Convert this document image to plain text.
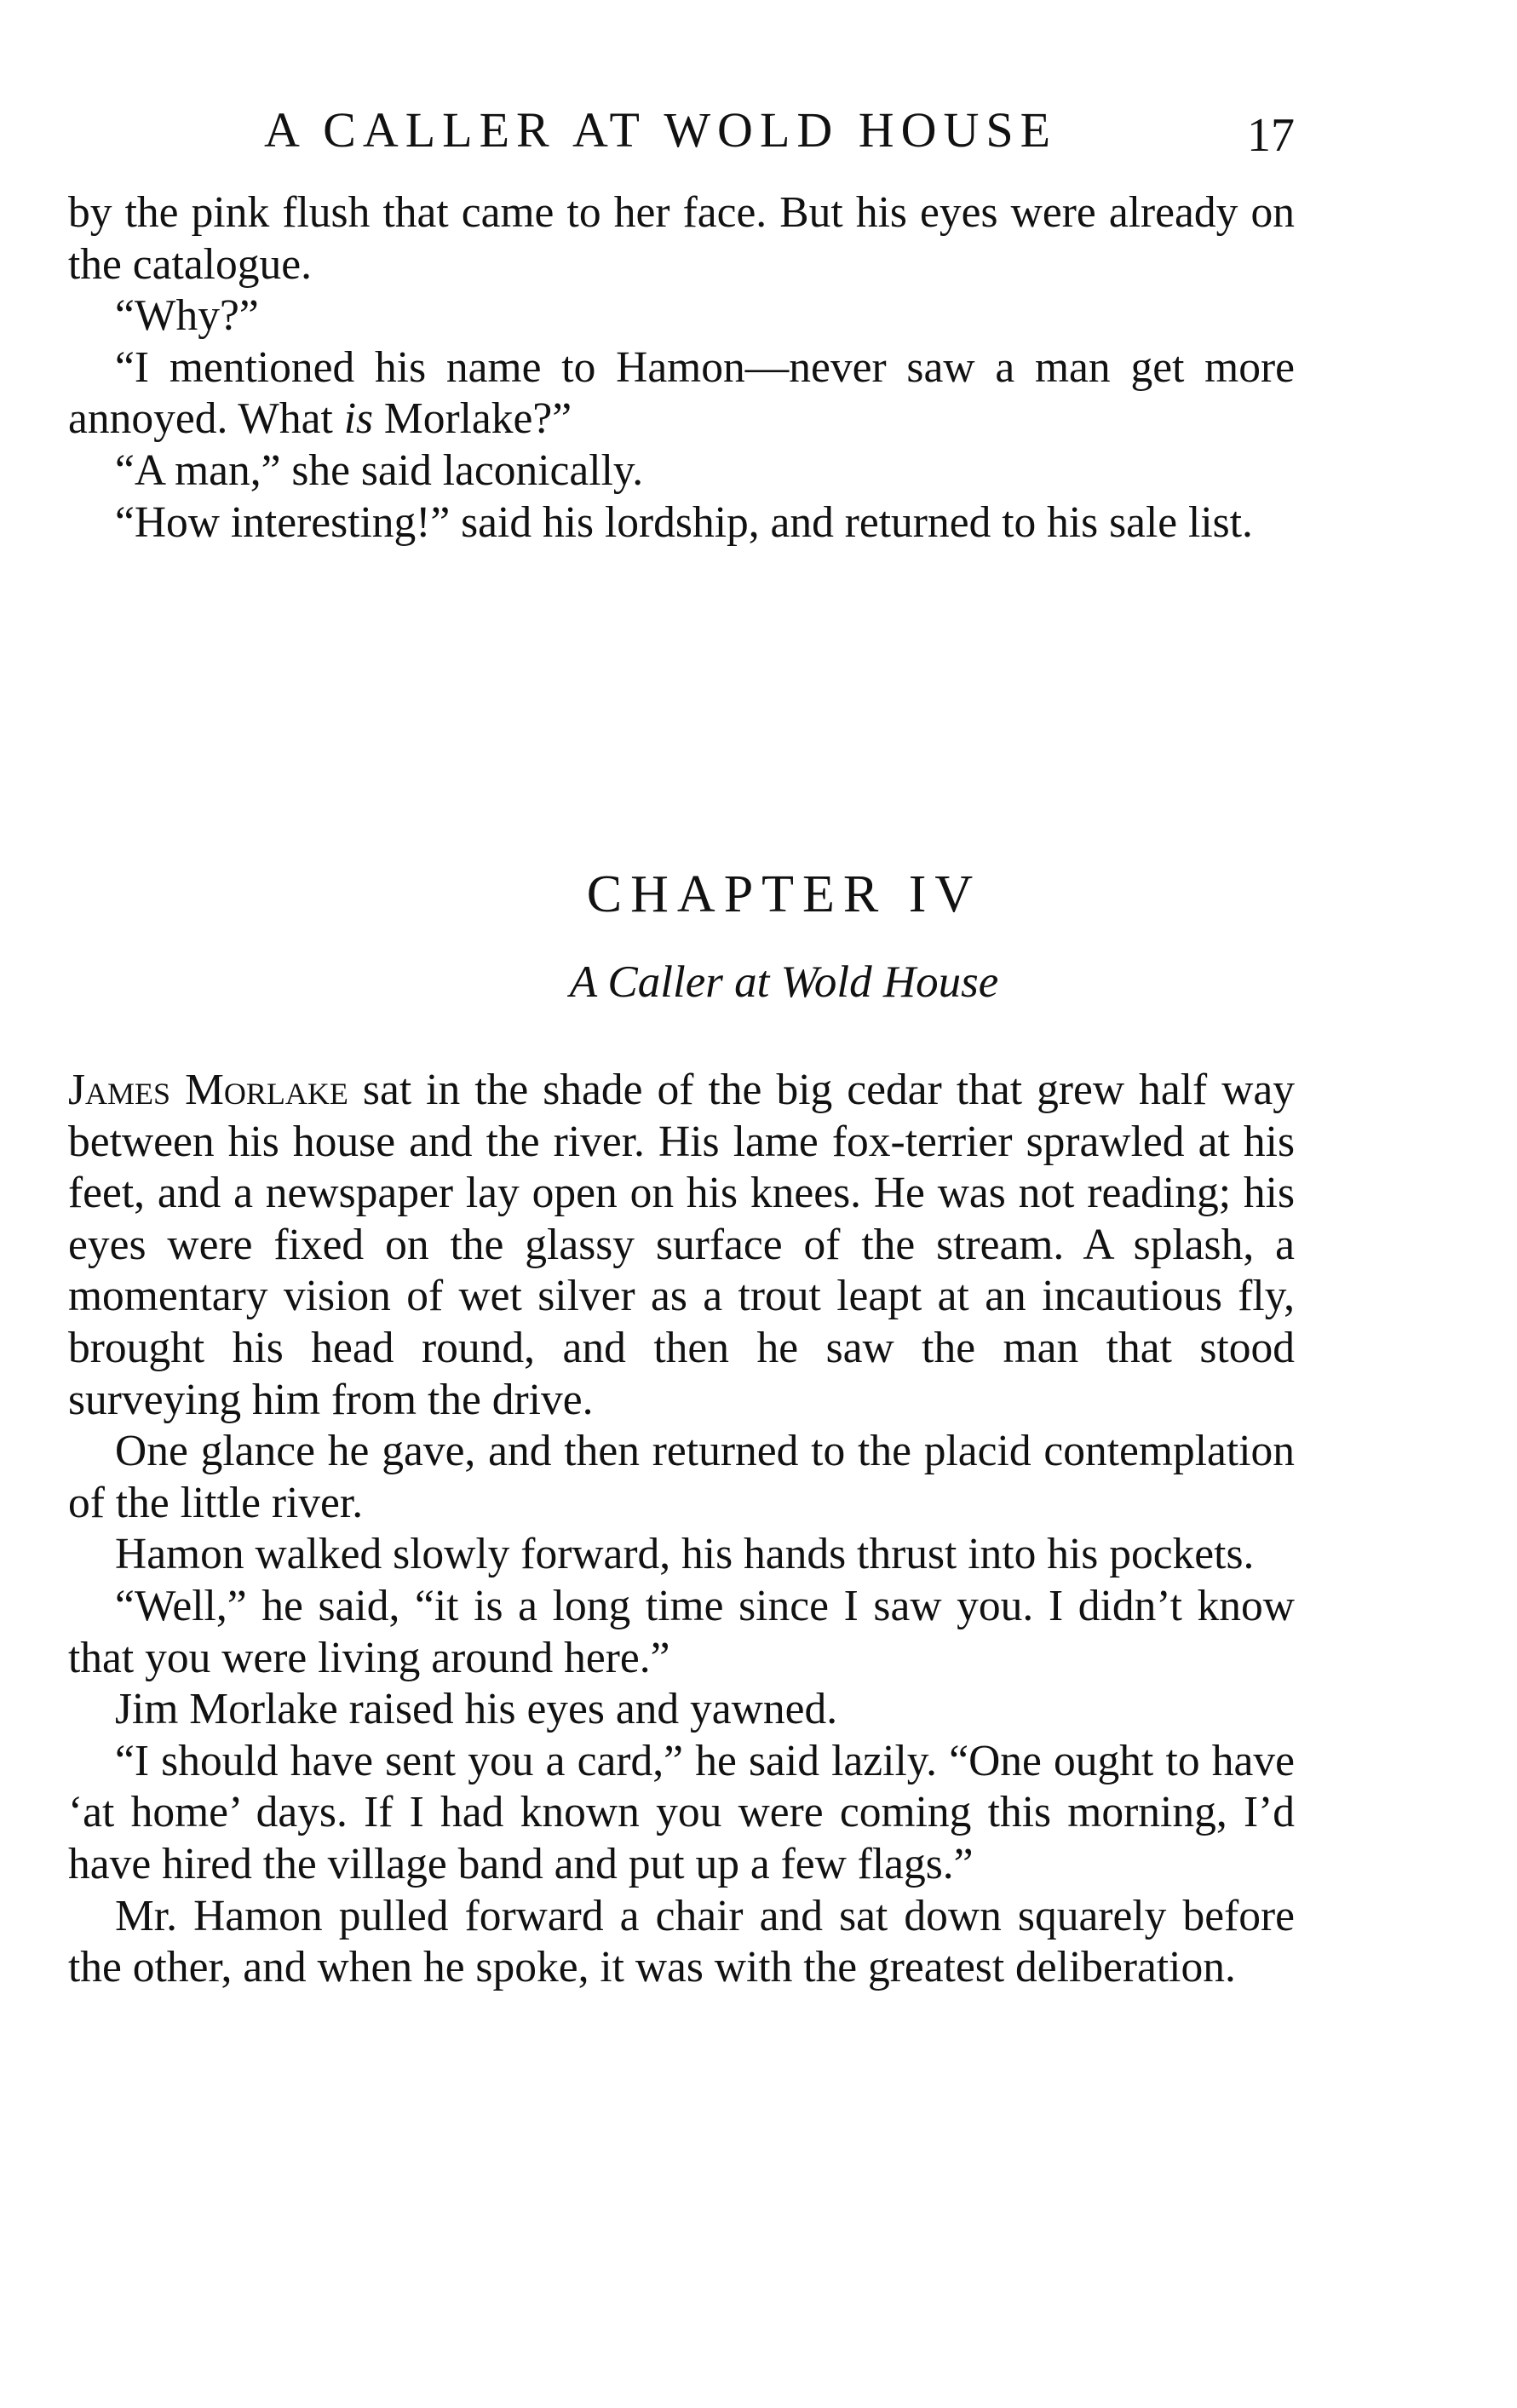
A CALLER AT WOLD HOUSE	17

by the pink flush that came to her face. But his eyes were already on the catalogue.

“Why?”

“I mentioned his name to Hamon—never saw a man get more annoyed. What is Morlake?”

“A man,” she said laconically.

“How interesting!” said his lordship, and returned to his sale list.

CHAPTER IV
A Caller at Wold House

James Morlake sat in the shade of the big cedar that grew half way between his house and the river. His lame fox-terrier sprawled at his feet, and a newspaper lay open on his knees. He was not reading; his eyes were fixed on the glassy surface of the stream. A splash, a momentary vision of wet silver as a trout leapt at an incautious fly, brought his head round, and then he saw the man that stood surveying him from the drive.

One glance he gave, and then returned to the placid contemplation of the little river.

Hamon walked slowly forward, his hands thrust into his pockets.

“Well,” he said, “it is a long time since I saw you. I didn’t know that you were living around here.”

Jim Morlake raised his eyes and yawned.

“I should have sent you a card,” he said lazily. “One ought to have ‘at home’ days. If I had known you were coming this morning, I’d have hired the village band and put up a few flags.”

Mr. Hamon pulled forward a chair and sat down squarely before the other, and when he spoke, it was with the greatest deliberation.
